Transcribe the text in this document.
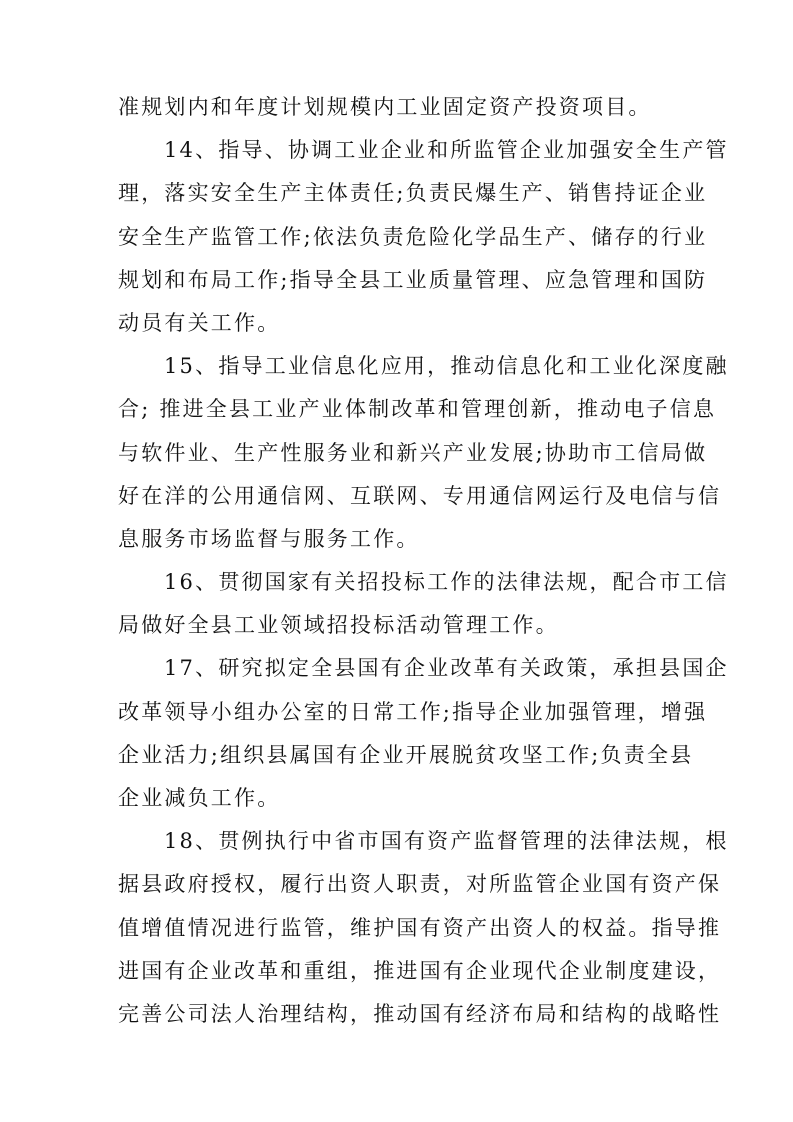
准规划内和年度计划规模内工业固定资产投资项目。
14、指导、协调工业企业和所监管企业加强安全生产管
理，落实安全生产主体责任;负责民爆生产、销售持证企业
安全生产监管工作;依法负责危险化学品生产、储存的行业
规划和布局工作;指导全县工业质量管理、应急管理和国防
动员有关工作。
15、指导工业信息化应用，推动信息化和工业化深度融
合; 推进全县工业产业体制改革和管理创新，推动电子信息
与软件业、生产性服务业和新兴产业发展;协助市工信局做
好在洋的公用通信网、互联网、专用通信网运行及电信与信
息服务市场监督与服务工作。
16、贯彻国家有关招投标工作的法律法规，配合市工信
局做好全县工业领域招投标活动管理工作。
17、研究拟定全县国有企业改革有关政策，承担县国企
改革领导小组办公室的日常工作;指导企业加强管理，增强
企业活力;组织县属国有企业开展脱贫攻坚工作;负责全县
企业减负工作。
18、贯例执行中省市国有资产监督管理的法律法规，根
据县政府授权，履行出资人职责，对所监管企业国有资产保
值增值情况进行监管，维护国有资产出资人的权益。指导推
进国有企业改革和重组，推进国有企业现代企业制度建设，
完善公司法人治理结构，推动国有经济布局和结构的战略性
